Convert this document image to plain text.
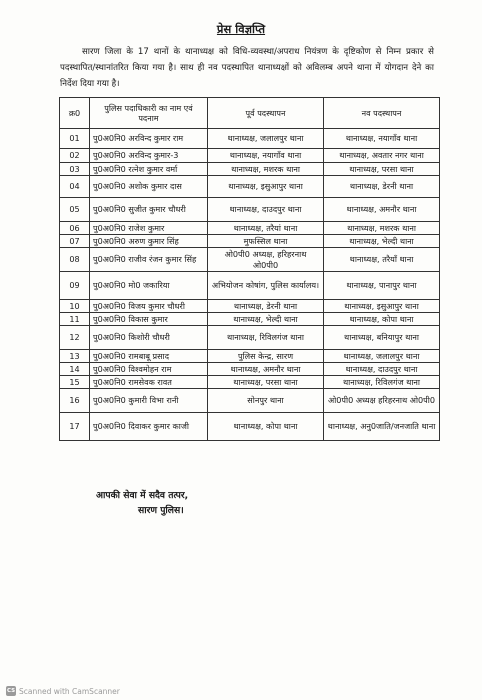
प्रेस विज्ञप्ति
सारण जिला के 17 थानों के थानाध्यक्ष को विधि-व्यवस्था/अपराध नियंत्रण के दृष्टिकोण से निम्न प्रकार से पदस्थापित/स्थानांतरित किया गया है। साथ ही नव पदस्थापित थानाध्यक्षों को अविलम्ब अपने थाना में योगदान देने का निर्देश दिया गया है।
क्र0	पुलिस पदाधिकारी का नाम एवं पदनाम	पूर्व पदस्थापन	नव पदस्थापन
01	पु0अ0नि0 अरविन्द कुमार राम	थानाध्यक्ष, जलालपुर थाना	थानाध्यक्ष, नयागाँव थाना
02	पु0अ0नि0 अरविन्द कुमार-3	थानाध्यक्ष, नयागाँव थाना	थानाध्यक्ष, अवतार नगर थाना
03	पु0अ0नि0 रत्नेश कुमार वर्मा	थानाध्यक्ष, मशरक थाना	थानाध्यक्ष, परसा थाना
04	पु0अ0नि0 अशोक कुमार दास	थानाध्यक्ष, इसुआपुर थाना	थानाध्यक्ष, डेरनी थाना
05	पु0अ0नि0 सुजीत कुमार चौधरी	थानाध्यक्ष, दाउदपुर थाना	थानाध्यक्ष, अमनौर थाना
06	पु0अ0नि0 राजेश कुमार	थानाध्यक्ष, तरैयां थाना	थानाध्यक्ष, मशरक थाना
07	पु0अ0नि0 अरुण कुमार सिंह	मुफस्सिल थाना	थानाध्यक्ष, भेल्दी थाना
08	पु0अ0नि0 राजीव रंजन कुमार सिंह	ओ0पी0 अध्यक्ष, हरिहरनाथ ओ0पी0	थानाध्यक्ष, तरैयाँ थाना
09	पु0अ0नि0 मो0 जकारिया	अभियोजन कोषांग, पुलिस कार्यालय।	थानाध्यक्ष, पानापुर थाना
10	पु0अ0नि0 विजय कुमार चौधरी	थानाध्यक्ष, डेरनी थाना	थानाध्यक्ष, इसुआपुर थाना
11	पु0अ0नि0 विकास कुमार	थानाध्यक्ष, भेल्दी थाना	थानाध्यक्ष, कोपा थाना
12	पु0अ0नि0 किशोरी चौधरी	थानाध्यक्ष, रिविलगंज थाना	थानाध्यक्ष, बनियापुर थाना
13	पु0अ0नि0 रामबाबू प्रसाद	पुलिस केन्द्र, सारण	थानाध्यक्ष, जलालपुर थाना
14	पु0अ0नि0 विश्वमोहन राम	थानाध्यक्ष, अमनौर थाना	थानाध्यक्ष, दाउदपुर थाना
15	पु0अ0नि0 रामसेवक रावत	थानाध्यक्ष, परसा थाना	थानाध्यक्ष, रिविलगंज थाना
16	पु0अ0नि0 कुमारी विभा रानी	सोनपुर थाना	ओ0पी0 अध्यक्ष हरिहरनाथ ओ0पी0
17	पु0अ0नि0 दिवाकर कुमार काजी	थानाध्यक्ष, कोपा थाना	थानाध्यक्ष, अनु0जाति/जनजाति थाना
आपकी सेवा में सदैव तत्पर,
सारण पुलिस।
CS Scanned with CamScanner
